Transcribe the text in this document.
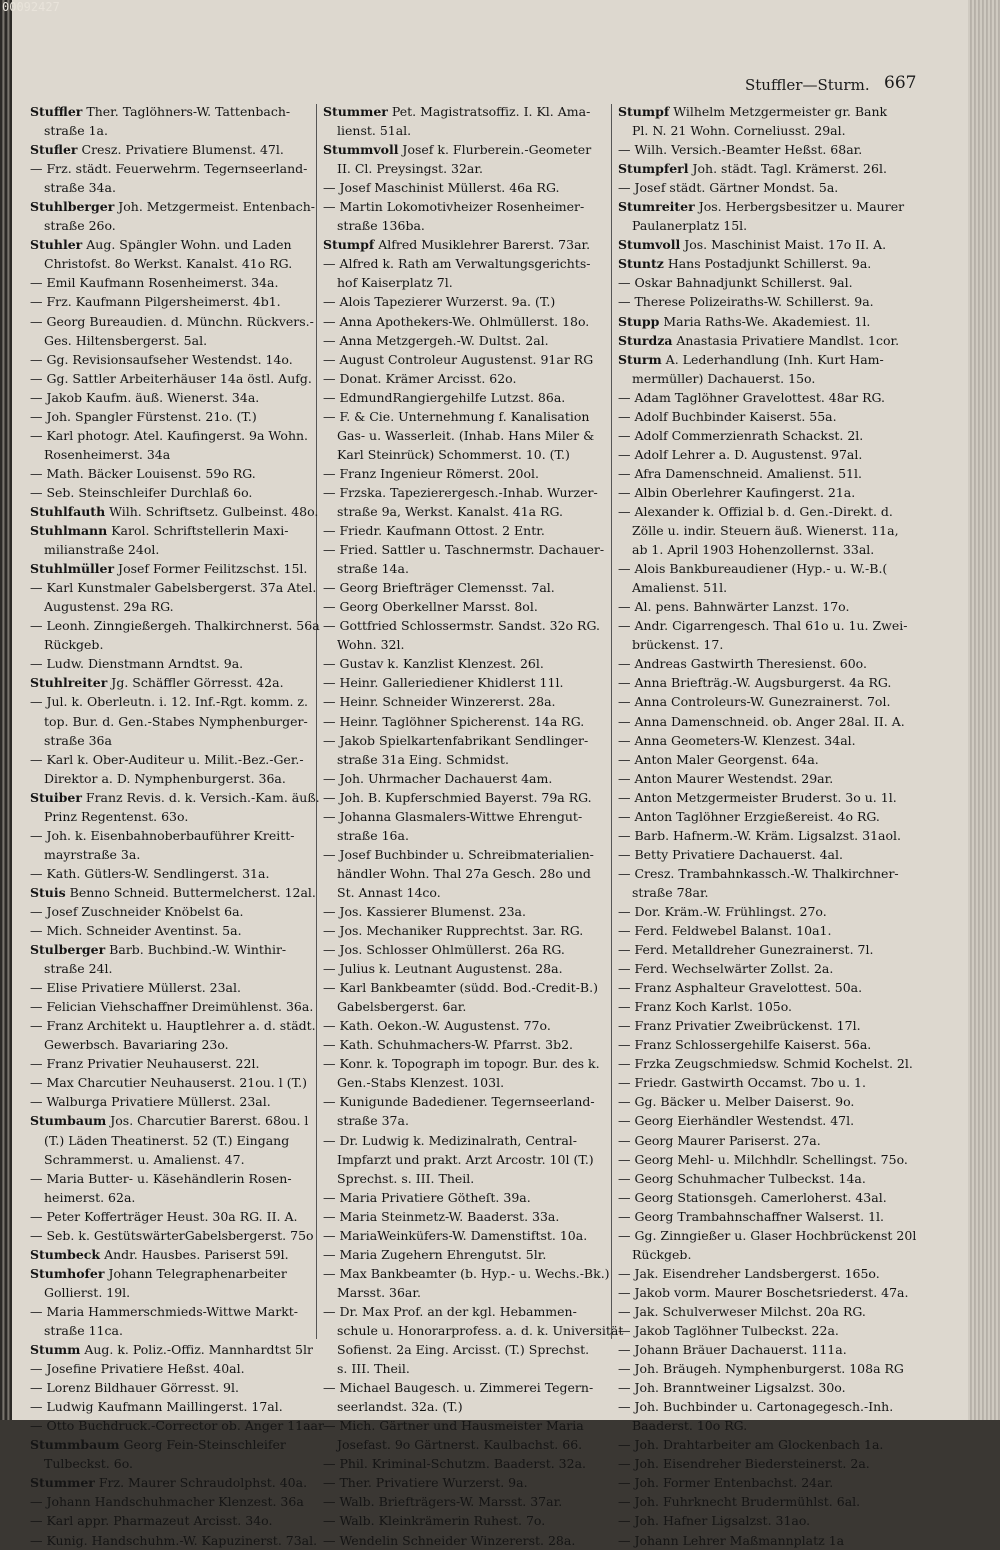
00092427
Stuffler—Sturm. 667
Stuffler Ther. Taglöhners-W. Tattenbach-
straße 1a.
Stufler Cresz. Privatiere Blumenst. 47l.
— Frz. städt. Feuerwehrm. Tegernseerland-
straße 34a.
Stuhlberger Joh. Metzgermeist. Entenbach-
straße 26o.
Stuhler Aug. Spängler Wohn. und Laden
Christofst. 8o Werkst. Kanalst. 41o RG.
— Emil Kaufmann Rosenheimerst. 34a.
— Frz. Kaufmann Pilgersheimerst. 4b1.
— Georg Bureaudien. d. Münchn. Rückvers.-
Ges. Hiltensbergerst. 5al.
— Gg. Revisionsaufseher Westendst. 14o.
— Gg. Sattler Arbeiterhäuser 14a östl. Aufg.
— Jakob Kaufm. äuß. Wienerst. 34a.
— Joh. Spangler Fürstenst. 21o. (T.)
— Karl photogr. Atel. Kaufingerst. 9a Wohn.
Rosenheimerst. 34a
— Math. Bäcker Louisenst. 59o RG.
— Seb. Steinschleifer Durchlaß 6o.
Stuhlfauth Wilh. Schriftsetz. Gulbeinst. 48o.
Stuhlmann Karol. Schriftstellerin Maxi-
milianstraße 24ol.
Stuhlmüller Josef Former Feilitzschst. 15l.
— Karl Kunstmaler Gabelsbergerst. 37a Atel.
Augustenst. 29a RG.
— Leonh. Zinngießergeh. Thalkirchnerst. 56a
Rückgeb.
— Ludw. Dienstmann Arndtst. 9a.
Stuhlreiter Jg. Schäffler Görresst. 42a.
— Jul. k. Oberleutn. i. 12. Inf.-Rgt. komm. z.
top. Bur. d. Gen.-Stabes Nymphenburger-
straße 36a
— Karl k. Ober-Auditeur u. Milit.-Bez.-Ger.-
Direktor a. D. Nymphenburgerst. 36a.
Stuiber Franz Revis. d. k. Versich.-Kam. äuß.
Prinz Regentenst. 63o.
— Joh. k. Eisenbahnoberbauführer Kreitt-
mayrstraße 3a.
— Kath. Gütlers-W. Sendlingerst. 31a.
Stuis Benno Schneid. Buttermelcherst. 12al.
— Josef Zuschneider Knöbelst 6a.
— Mich. Schneider Aventinst. 5a.
Stulberger Barb. Buchbind.-W. Winthir-
straße 24l.
— Elise Privatiere Müllerst. 23al.
— Felician Viehschaffner Dreimühlenst. 36a.
— Franz Architekt u. Hauptlehrer a. d. städt.
Gewerbsch. Bavariaring 23o.
— Franz Privatier Neuhauserst. 22l.
— Max Charcutier Neuhauserst. 21ou. l (T.)
— Walburga Privatiere Müllerst. 23al.
Stumbaum Jos. Charcutier Barerst. 68ou. l
(T.) Läden Theatinerst. 52 (T.) Eingang
Schrammerst. u. Amalienst. 47.
— Maria Butter- u. Käsehändlerin Rosen-
heimerst. 62a.
— Peter Kofferträger Heust. 30a RG. II. A.
— Seb. k. GestütswärterGabelsbergerst. 75o
Stumbeck Andr. Hausbes. Pariserst 59l.
Stumhofer Johann Telegraphenarbeiter
Gollierst. 19l.
— Maria Hammerschmieds-Wittwe Markt-
straße 11ca.
Stumm Aug. k. Poliz.-Offiz. Mannhardtst 5lr
— Josefine Privatiere Heßst. 40al.
— Lorenz Bildhauer Görresst. 9l.
— Ludwig Kaufmann Maillingerst. 17al.
— Otto Buchdruck.-Corrector ob. Anger 11aar
Stummbaum Georg Fein-Steinschleifer
Tulbeckst. 6o.
Stummer Frz. Maurer Schraudolphst. 40a.
— Johann Handschuhmacher Klenzest. 36a
— Karl appr. Pharmazeut Arcisst. 34o.
— Kunig. Handschuhm.-W. Kapuzinerst. 73al.
Stummer Pet. Magistratsoffiz. I. Kl. Ama-
lienst. 51al.
Stummvoll Josef k. Flurberein.-Geometer
II. Cl. Preysingst. 32ar.
— Josef Maschinist Müllerst. 46a RG.
— Martin Lokomotivheizer Rosenheimer-
straße 136ba.
Stumpf Alfred Musiklehrer Barerst. 73ar.
— Alfred k. Rath am Verwaltungsgerichts-
hof Kaiserplatz 7l.
— Alois Tapezierer Wurzerst. 9a. (T.)
— Anna Apothekers-We. Ohlmüllerst. 18o.
— Anna Metzgergeh.-W. Dultst. 2al.
— August Controleur Augustenst. 91ar RG
— Donat. Krämer Arcisst. 62o.
— EdmundRangiergehilfe Lutzst. 86a.
— F. & Cie. Unternehmung f. Kanalisation
Gas- u. Wasserleit. (Inhab. Hans Miler &
Karl Steinrück) Schommerst. 10. (T.)
— Franz Ingenieur Römerst. 20ol.
— Frzska. Tapezierergesch.-Inhab. Wurzer-
straße 9a, Werkst. Kanalst. 41a RG.
— Friedr. Kaufmann Ottost. 2 Entr.
— Fried. Sattler u. Taschnermstr. Dachauer-
straße 14a.
— Georg Briefträger Clemensst. 7al.
— Georg Oberkellner Marsst. 8ol.
— Gottfried Schlossermstr. Sandst. 32o RG.
Wohn. 32l.
— Gustav k. Kanzlist Klenzest. 26l.
— Heinr. Galleriediener Khidlerst 11l.
— Heinr. Schneider Winzererst. 28a.
— Heinr. Taglöhner Spicherenst. 14a RG.
— Jakob Spielkartenfabrikant Sendlinger-
straße 31a Eing. Schmidst.
— Joh. Uhrmacher Dachauerst 4am.
— Joh. B. Kupferschmied Bayerst. 79a RG.
— Johanna Glasmalers-Wittwe Ehrengut-
straße 16a.
— Josef Buchbinder u. Schreibmaterialien-
händler Wohn. Thal 27a Gesch. 28o und
St. Annast 14co.
— Jos. Kassierer Blumenst. 23a.
— Jos. Mechaniker Rupprechtst. 3ar. RG.
— Jos. Schlosser Ohlmüllerst. 26a RG.
— Julius k. Leutnant Augustenst. 28a.
— Karl Bankbeamter (südd. Bod.-Credit-B.)
Gabelsbergerst. 6ar.
— Kath. Oekon.-W. Augustenst. 77o.
— Kath. Schuhmachers-W. Pfarrst. 3b2.
— Konr. k. Topograph im topogr. Bur. des k.
Gen.-Stabs Klenzest. 103l.
— Kunigunde Badediener. Tegernseerland-
straße 37a.
— Dr. Ludwig k. Medizinalrath, Central-
Impfarzt und prakt. Arzt Arcostr. 10l (T.)
Sprechst. s. III. Theil.
— Maria Privatiere Götheſt. 39a.
— Maria Steinmetz-W. Baaderst. 33a.
— MariaWeinküfers-W. Damenstiftst. 10a.
— Maria Zugehern Ehrengutst. 5lr.
— Max Bankbeamter (b. Hyp.- u. Wechs.-Bk.)
Marsst. 36ar.
— Dr. Max Prof. an der kgl. Hebammen-
schule u. Honorarprofess. a. d. k. Universität
Sofienst. 2a Eing. Arcisst. (T.) Sprechst.
s. III. Theil.
— Michael Baugesch. u. Zimmerei Tegern-
seerlandst. 32a. (T.)
— Mich. Gärtner und Hausmeister Maria
Josefast. 9o Gärtnerst. Kaulbachst. 66.
— Phil. Kriminal-Schutzm. Baaderst. 32a.
— Ther. Privatiere Wurzerst. 9a.
— Walb. Briefträgers-W. Marsst. 37ar.
— Walb. Kleinkrämerin Ruhest. 7o.
— Wendelin Schneider Winzererst. 28a.
Stumpf Wilhelm Metzgermeister gr. Bank
Pl. N. 21 Wohn. Corneliusst. 29al.
— Wilh. Versich.-Beamter Heßst. 68ar.
Stumpferl Joh. städt. Tagl. Krämerst. 26l.
— Josef städt. Gärtner Mondst. 5a.
Stumreiter Jos. Herbergsbesitzer u. Maurer
Paulanerplatz 15l.
Stumvoll Jos. Maschinist Maist. 17o II. A.
Stuntz Hans Postadjunkt Schillerst. 9a.
— Oskar Bahnadjunkt Schillerst. 9al.
— Therese Polizeiraths-W. Schillerst. 9a.
Stupp Maria Raths-We. Akademiest. 1l.
Sturdza Anastasia Privatiere Mandlst. 1cor.
Sturm A. Lederhandlung (Inh. Kurt Ham-
mermüller) Dachauerst. 15o.
— Adam Taglöhner Gravelottest. 48ar RG.
— Adolf Buchbinder Kaiserst. 55a.
— Adolf Commerzienrath Schackst. 2l.
— Adolf Lehrer a. D. Augustenst. 97al.
— Afra Damenschneid. Amalienst. 51l.
— Albin Oberlehrer Kaufingerst. 21a.
— Alexander k. Offizial b. d. Gen.-Direkt. d.
Zölle u. indir. Steuern äuß. Wienerst. 11a,
ab 1. April 1903 Hohenzollernst. 33al.
— Alois Bankbureaudiener (Hyp.- u. W.-B.(
Amalienst. 51l.
— Al. pens. Bahnwärter Lanzst. 17o.
— Andr. Cigarrengesch. Thal 61o u. 1u. Zwei-
brückenst. 17.
— Andreas Gastwirth Theresienst. 60o.
— Anna Briefträg.-W. Augsburgerst. 4a RG.
— Anna Controleurs-W. Gunezrainerst. 7ol.
— Anna Damenschneid. ob. Anger 28al. II. A.
— Anna Geometers-W. Klenzest. 34al.
— Anton Maler Georgenst. 64a.
— Anton Maurer Westendst. 29ar.
— Anton Metzgermeister Bruderst. 3o u. 1l.
— Anton Taglöhner Erzgießereist. 4o RG.
— Barb. Hafnerm.-W. Kräm. Ligsalzst. 31aol.
— Betty Privatiere Dachauerst. 4al.
— Cresz. Trambahnkassch.-W. Thalkirchner-
straße 78ar.
— Dor. Kräm.-W. Frühlingst. 27o.
— Ferd. Feldwebel Balanst. 10a1.
— Ferd. Metalldreher Gunezrainerst. 7l.
— Ferd. Wechselwärter Zollst. 2a.
— Franz Asphalteur Gravelottest. 50a.
— Franz Koch Karlst. 105o.
— Franz Privatier Zweibrückenst. 17l.
— Franz Schlossergehilfe Kaiserst. 56a.
— Frzka Zeugschmiedsw. Schmid Kochelst. 2l.
— Friedr. Gastwirth Occamst. 7bo u. 1.
— Gg. Bäcker u. Melber Daiserst. 9o.
— Georg Eierhändler Westendst. 47l.
— Georg Maurer Pariserst. 27a.
— Georg Mehl- u. Milchhdlr. Schellingst. 75o.
— Georg Schuhmacher Tulbeckst. 14a.
— Georg Stationsgeh. Camerloherst. 43al.
— Georg Trambahnschaffner Walserst. 1l.
— Gg. Zinngießer u. Glaser Hochbrückenst 20l
Rückgeb.
— Jak. Eisendreher Landsbergerst. 165o.
— Jakob vorm. Maurer Boschetsriederst. 47a.
— Jak. Schulverweser Milchst. 20a RG.
— Jakob Taglöhner Tulbeckst. 22a.
— Johann Bräuer Dachauerst. 111a.
— Joh. Bräugeh. Nymphenburgerst. 108a RG
— Joh. Branntweiner Ligsalzst. 30o.
— Joh. Buchbinder u. Cartonagegesch.-Inh.
Baaderst. 10o RG.
— Joh. Drahtarbeiter am Glockenbach 1a.
— Joh. Eisendreher Biedersteinerst. 2a.
— Joh. Former Entenbachst. 24ar.
— Joh. Fuhrknecht Brudermühlst. 6al.
— Joh. Hafner Ligsalzst. 31ao.
— Johann Lehrer Maßmannplatz 1a
